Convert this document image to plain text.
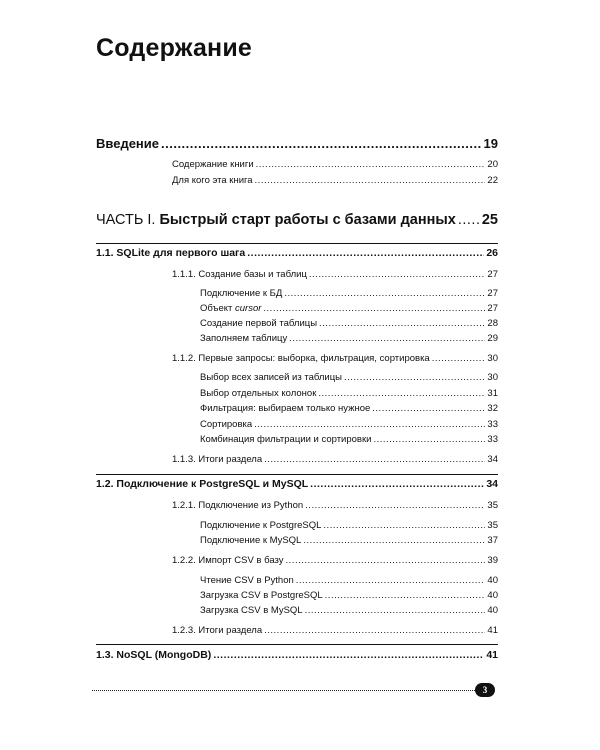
Содержание
Введение .....	19
Содержание книги .....	20
Для кого эта книга .....	22
ЧАСТЬ I. Быстрый старт работы с базами данных ..... 25
1.1. SQLite для первого шага .....	26
1.1.1. Создание базы и таблиц .....	27
Подключение к БД .....	27
Объект cursor .....	27
Создание первой таблицы .....	28
Заполняем таблицу .....	29
1.1.2. Первые запросы: выборка, фильтрация, сортировка .....	30
Выбор всех записей из таблицы .....	30
Выбор отдельных колонок .....	31
Фильтрация: выбираем только нужное .....	32
Сортировка .....	33
Комбинация фильтрации и сортировки .....	33
1.1.3. Итоги раздела .....	34
1.2. Подключение к PostgreSQL и MySQL .....	34
1.2.1. Подключение из Python .....	35
Подключение к PostgreSQL .....	35
Подключение к MySQL .....	37
1.2.2. Импорт CSV в базу .....	39
Чтение CSV в Python .....	40
Загрузка CSV в PostgreSQL .....	40
Загрузка CSV в MySQL .....	40
1.2.3. Итоги раздела .....	41
1.3. NoSQL (MongoDB) .....	41
3
